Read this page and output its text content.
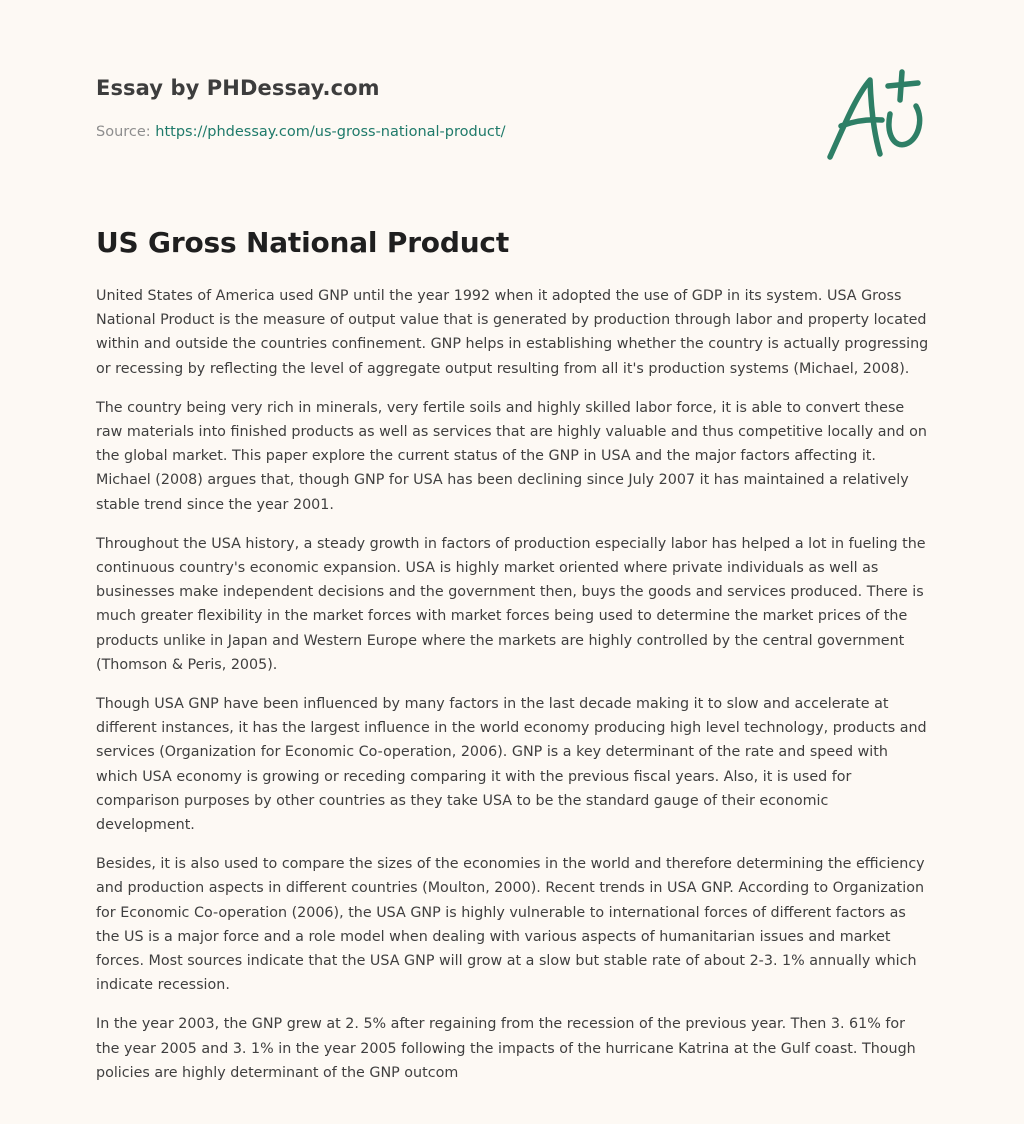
Essay by PHDessay.com
Source: https://phdessay.com/us-gross-national-product/
US Gross National Product

United States of America used GNP until the year 1992 when it adopted the use of GDP in its system. USA Gross National Product is the measure of output value that is generated by production through labor and property located within and outside the countries confinement. GNP helps in establishing whether the country is actually progressing or recessing by reflecting the level of aggregate output resulting from all it's production systems (Michael, 2008).

The country being very rich in minerals, very fertile soils and highly skilled labor force, it is able to convert these raw materials into finished products as well as services that are highly valuable and thus competitive locally and on the global market. This paper explore the current status of the GNP in USA and the major factors affecting it. Michael (2008) argues that, though GNP for USA has been declining since July 2007 it has maintained a relatively stable trend since the year 2001.

Throughout the USA history, a steady growth in factors of production especially labor has helped a lot in fueling the continuous country's economic expansion. USA is highly market oriented where private individuals as well as businesses make independent decisions and the government then, buys the goods and services produced. There is much greater flexibility in the market forces with market forces being used to determine the market prices of the products unlike in Japan and Western Europe where the markets are highly controlled by the central government (Thomson & Peris, 2005).

Though USA GNP have been influenced by many factors in the last decade making it to slow and accelerate at different instances, it has the largest influence in the world economy producing high level technology, products and services (Organization for Economic Co-operation, 2006). GNP is a key determinant of the rate and speed with which USA economy is growing or receding comparing it with the previous fiscal years. Also, it is used for comparison purposes by other countries as they take USA to be the standard gauge of their economic development.

Besides, it is also used to compare the sizes of the economies in the world and therefore determining the efficiency and production aspects in different countries (Moulton, 2000). Recent trends in USA GNP. According to Organization for Economic Co-operation (2006), the USA GNP is highly vulnerable to international forces of different factors as the US is a major force and a role model when dealing with various aspects of humanitarian issues and market forces. Most sources indicate that the USA GNP will grow at a slow but stable rate of about 2-3. 1% annually which indicate recession.

In the year 2003, the GNP grew at 2. 5% after regaining from the recession of the previous year. Then 3. 61% for the year 2005 and 3. 1% in the year 2005 following the impacts of the hurricane Katrina at the Gulf coast. Though policies are highly determinant of the GNP outcom
